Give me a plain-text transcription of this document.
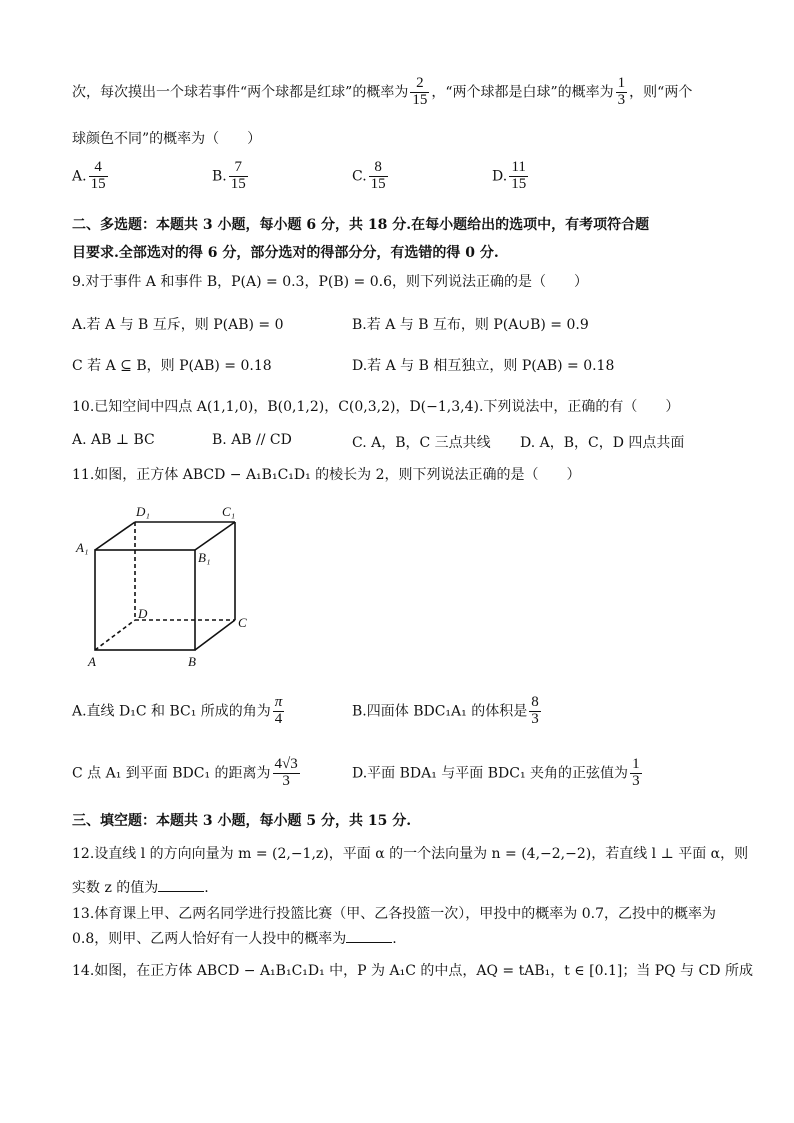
次，每次摸出一个球若事件“两个球都是红球”的概率为 $\frac{2}{15}$ ，“两个球都是白球”的概率为 $\frac{1}{3}$ ，则“两个
球颜色不同”的概率为（　　）
A. $\frac{4}{15}$	B. $\frac{7}{15}$	C. $\frac{8}{15}$	D. $\frac{11}{15}$
二、多选题：本题共 3 小题，每小题 6 分，共 18 分.在每小题给出的选项中，有考项符合题
目要求.全部选对的得 6 分，部分选对的得部分分，有选错的得 0 分.
9.对于事件 A 和事件 B，P(A) = 0.3，P(B) = 0.6，则下列说法正确的是（　　）
A.若 A 与 B 互斥，则 P(AB) = 0	B.若 A 与 B 互布，则 P(A∪B) = 0.9
C 若 A ⊆ B，则 P(AB) = 0.18	D.若 A 与 B 相互独立，则 P(AB) = 0.18
10.已知空间中四点 A(1,1,0)，B(0,1,2)，C(0,3,2)，D(−1,3,4).下列说法中，正确的有（　　）
A. AB ⊥ BC	B. AB // CD	C. A，B，C 三点共线 D. A，B，C，D 四点共面
11.如图，正方体 ABCD − A₁B₁C₁D₁ 的棱长为 2，则下列说法正确的是（　　）
D₁	C₁
A₁
B₁
D
C
A	B
A.直线 D₁C 和 BC₁ 所成的角为 $\frac{\pi}{4}$	B.四面体 BDC₁A₁ 的体积是 $\frac{8}{3}$
C 点 A₁ 到平面 BDC₁ 的距离为 $\frac{4√3}{3}$	D.平面 BDA₁ 与平面 BDC₁ 夹角的正弦值为 $\frac{1}{3}$
三、填空题：本题共 3 小题，每小题 5 分，共 15 分.
12.设直线 l 的方向向量为 m = (2,−1,z)，平面 α 的一个法向量为 n = (4,−2,−2)，若直线 l ⊥ 平面 α，则
实数 z 的值为	.
13.体育课上甲、乙两名同学进行投篮比赛（甲、乙各投篮一次），甲投中的概率为 0.7，乙投中的概率为
0.8，则甲、乙两人恰好有一人投中的概率为	.
14.如图，在正方体 ABCD − A₁B₁C₁D₁ 中，P 为 A₁C 的中点，AQ = tAB₁，t ∈ [0.1]；当 PQ 与 CD 所成
